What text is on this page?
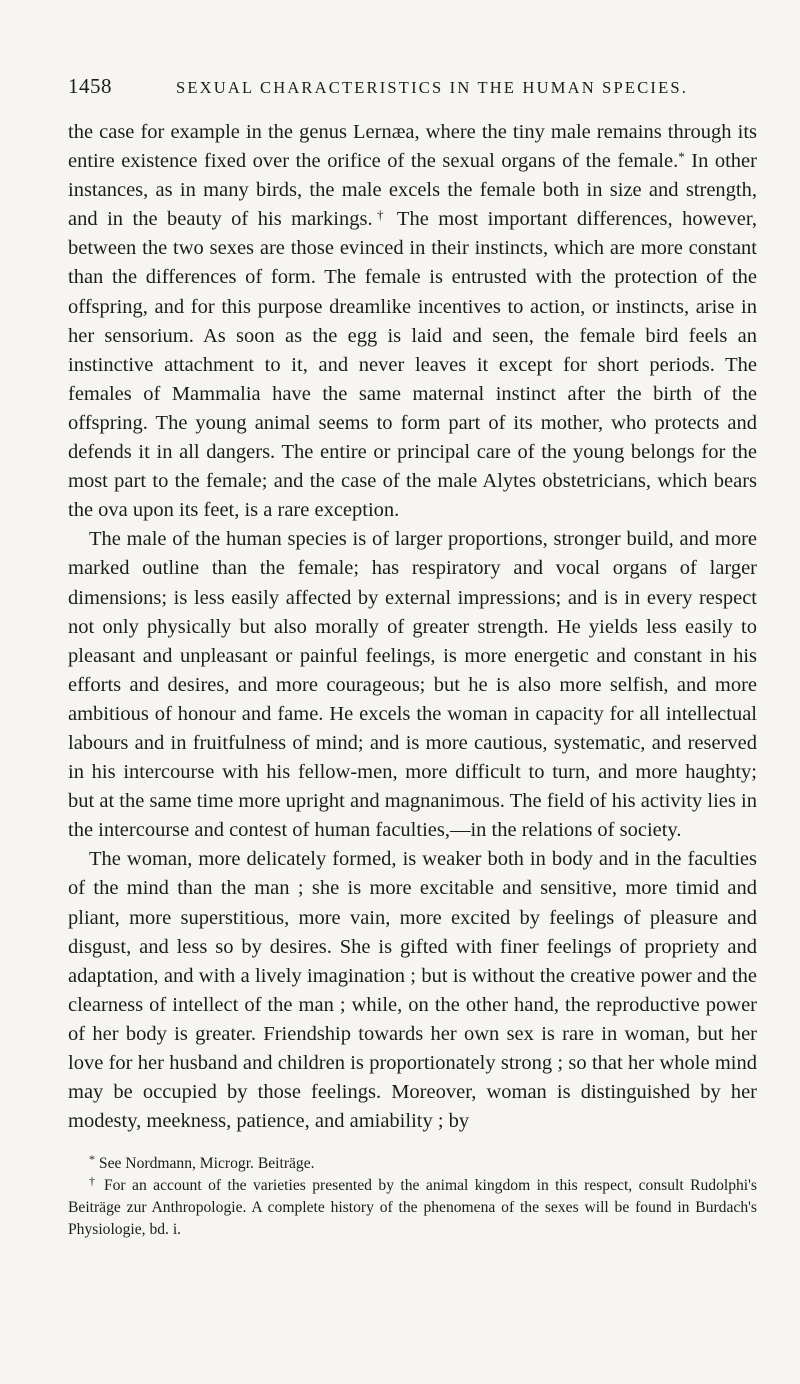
1458	SEXUAL CHARACTERISTICS IN THE HUMAN SPECIES.

the case for example in the genus Lernæa, where the tiny male remains through its entire existence fixed over the orifice of the sexual organs of the female.* In other instances, as in many birds, the male excels the female both in size and strength, and in the beauty of his markings.† The most important differences, however, between the two sexes are those evinced in their instincts, which are more constant than the differences of form. The female is entrusted with the protection of the offspring, and for this purpose dreamlike incentives to action, or instincts, arise in her sensorium. As soon as the egg is laid and seen, the female bird feels an instinctive attachment to it, and never leaves it except for short periods. The females of Mammalia have the same maternal instinct after the birth of the offspring. The young animal seems to form part of its mother, who protects and defends it in all dangers. The entire or principal care of the young belongs for the most part to the female; and the case of the male Alytes obstetricians, which bears the ova upon its feet, is a rare exception.

The male of the human species is of larger proportions, stronger build, and more marked outline than the female; has respiratory and vocal organs of larger dimensions; is less easily affected by external impressions; and is in every respect not only physically but also morally of greater strength. He yields less easily to pleasant and unpleasant or painful feelings, is more energetic and constant in his efforts and desires, and more courageous; but he is also more selfish, and more ambitious of honour and fame. He excels the woman in capacity for all intellectual labours and in fruitfulness of mind; and is more cautious, systematic, and reserved in his intercourse with his fellow-men, more difficult to turn, and more haughty; but at the same time more upright and magnanimous. The field of his activity lies in the intercourse and contest of human faculties,—in the relations of society.

The woman, more delicately formed, is weaker both in body and in the faculties of the mind than the man ; she is more excitable and sensitive, more timid and pliant, more superstitious, more vain, more excited by feelings of pleasure and disgust, and less so by desires. She is gifted with finer feelings of propriety and adaptation, and with a lively imagination ; but is without the creative power and the clearness of intellect of the man ; while, on the other hand, the reproductive power of her body is greater. Friendship towards her own sex is rare in woman, but her love for her husband and children is proportionately strong ; so that her whole mind may be occupied by those feelings. Moreover, woman is distinguished by her modesty, meekness, patience, and amiability ; by

* See Nordmann, Microgr. Beiträge.

† For an account of the varieties presented by the animal kingdom in this respect, consult Rudolphi's Beiträge zur Anthropologie. A complete history of the phenomena of the sexes will be found in Burdach's Physiologie, bd. i.
